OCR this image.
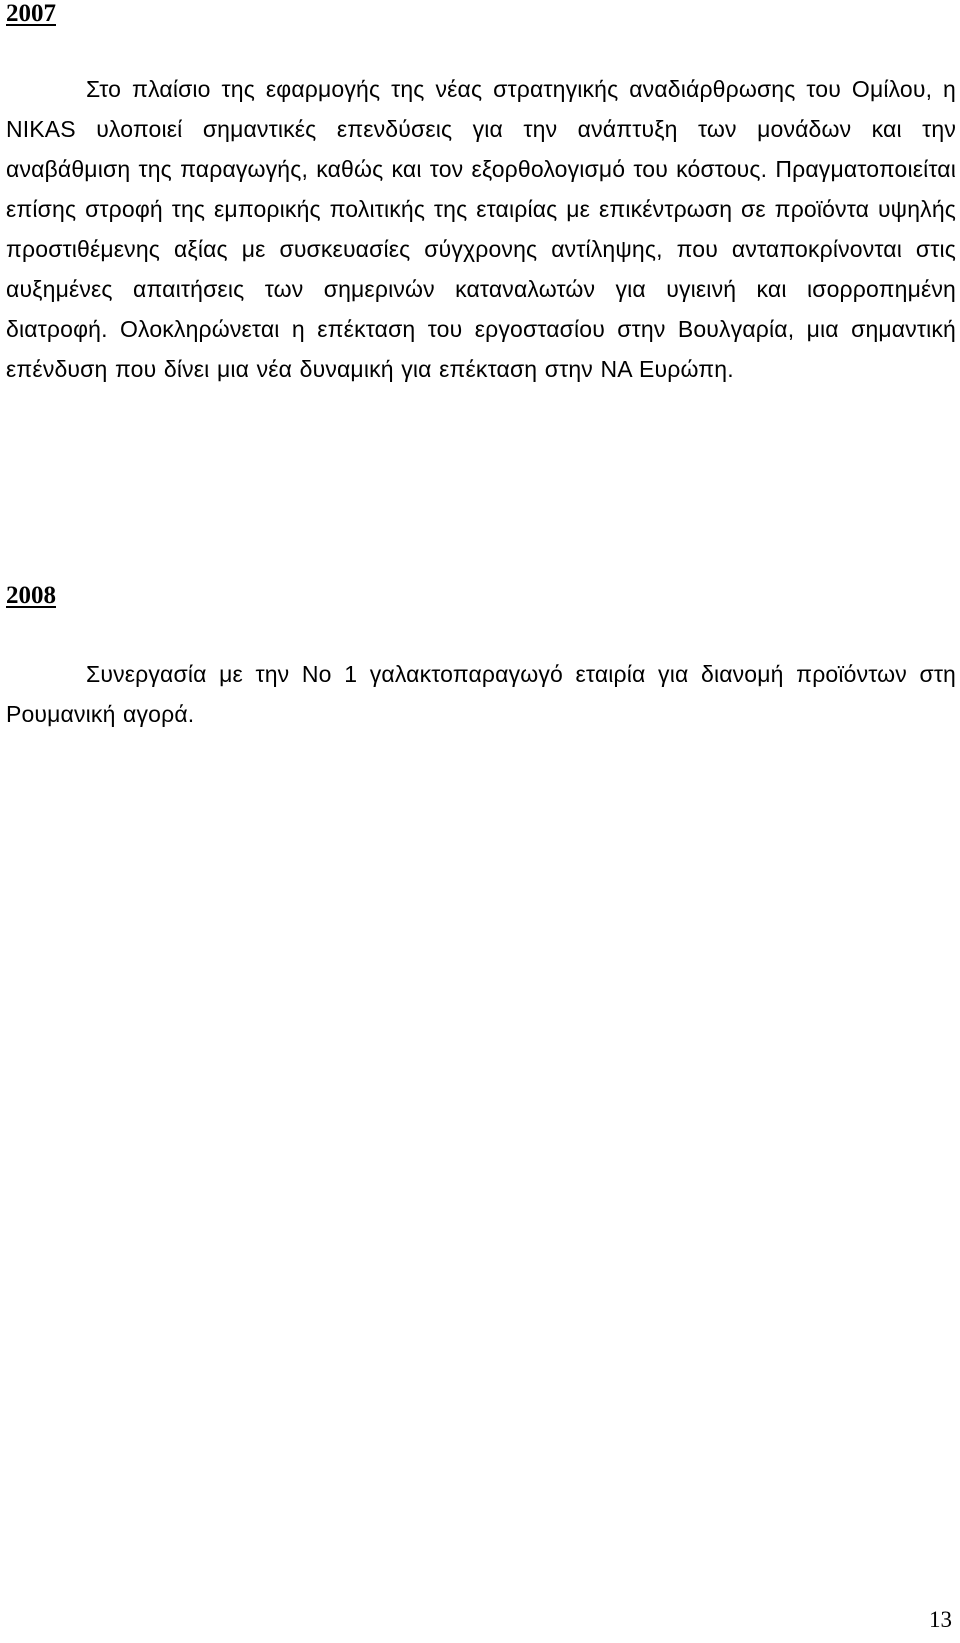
2007

Στο πλαίσιο της εφαρμογής της νέας στρατηγικής αναδιάρθρωσης του Ομίλου, η NIKAS υλοποιεί σημαντικές επενδύσεις για την ανάπτυξη των μονάδων και την αναβάθμιση της παραγωγής, καθώς και τον εξορθολογισμό του κόστους. Πραγματοποιείται επίσης στροφή της εμπορικής πολιτικής της εταιρίας με επικέντρωση σε προϊόντα υψηλής προστιθέμενης αξίας με συσκευασίες σύγχρονης αντίληψης, που ανταποκρίνονται στις αυξημένες απαιτήσεις των σημερινών καταναλωτών για υγιεινή και ισορροπημένη διατροφή. Ολοκληρώνεται η επέκταση του εργοστασίου στην Βουλγαρία, μια σημαντική επένδυση που δίνει μια νέα δυναμική για επέκταση στην ΝΑ Ευρώπη.

2008

Συνεργασία με την Νο 1 γαλακτοπαραγωγό εταιρία για διανομή προϊόντων στη Ρουμανική αγορά.

13
